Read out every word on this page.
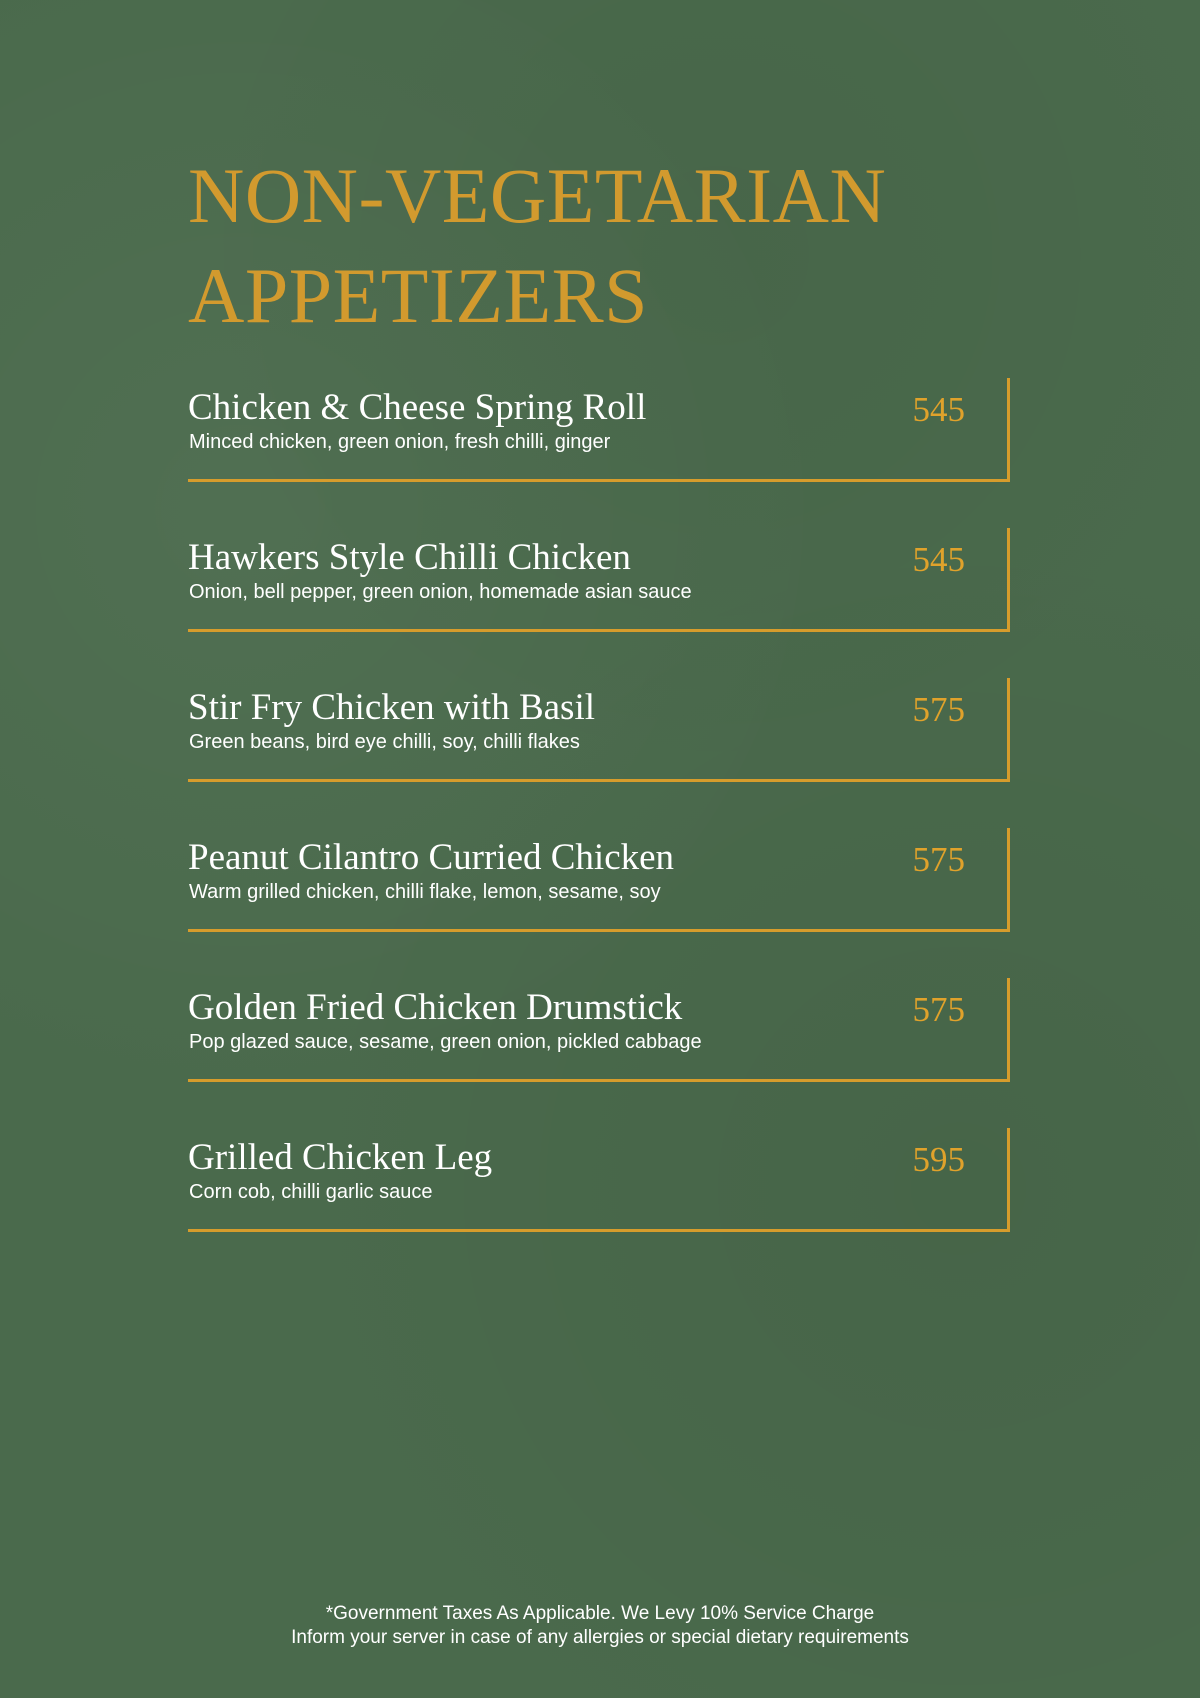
NON-VEGETARIAN
APPETIZERS
Chicken & Cheese Spring Roll
Minced chicken, green onion, fresh chilli, ginger
545
Hawkers Style Chilli Chicken
Onion, bell pepper, green onion, homemade asian sauce
545
Stir Fry Chicken with Basil
Green beans, bird eye chilli, soy, chilli flakes
575
Peanut Cilantro Curried Chicken
Warm grilled chicken, chilli flake, lemon, sesame, soy
575
Golden Fried Chicken Drumstick
Pop glazed sauce, sesame, green onion, pickled cabbage
575
Grilled Chicken Leg
Corn cob, chilli garlic sauce
595
*Government Taxes As Applicable. We Levy 10% Service Charge
Inform your server in case of any allergies or special dietary requirements
